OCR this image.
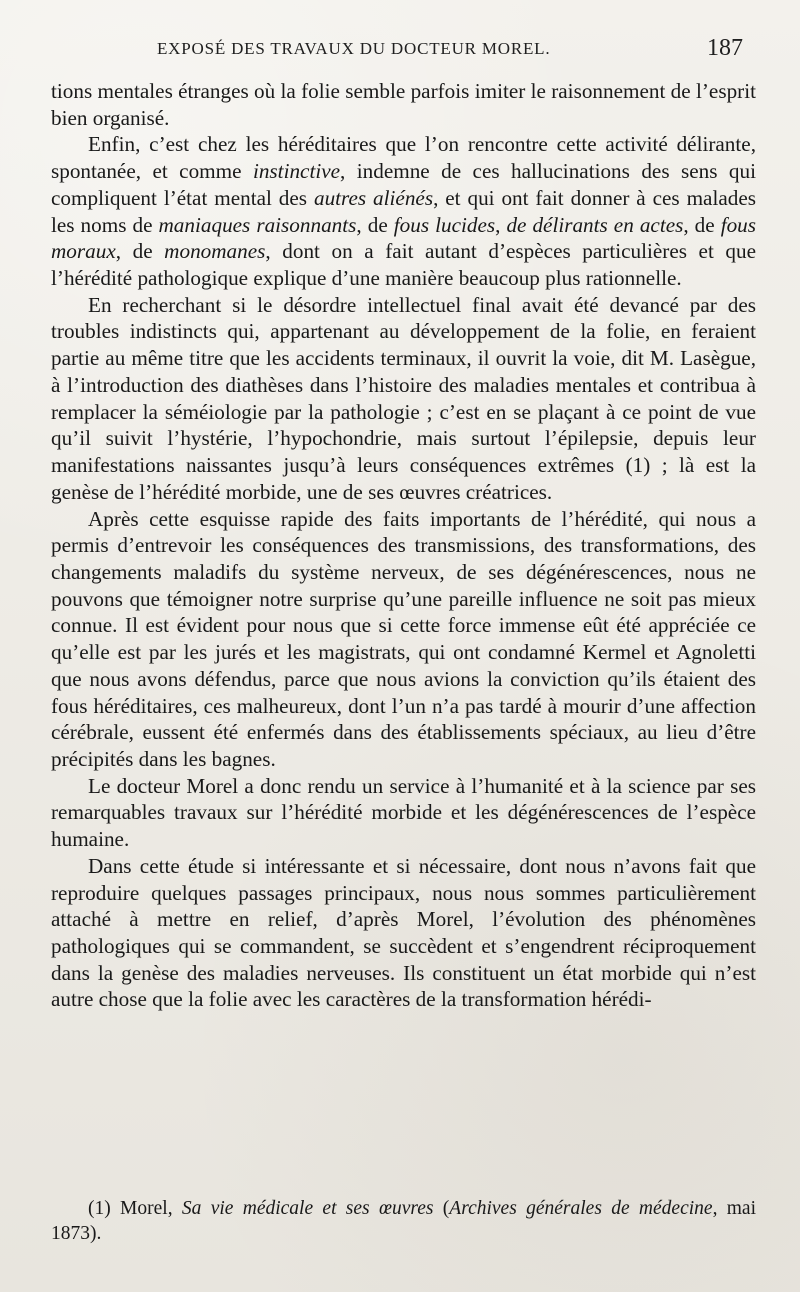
EXPOSÉ DES TRAVAUX DU DOCTEUR MOREL.	187

tions mentales étranges où la folie semble parfois imiter le raisonnement de l’esprit bien organisé.

Enfin, c’est chez les héréditaires que l’on rencontre cette activité délirante, spontanée, et comme instinctive, indemne de ces hallucinations des sens qui compliquent l’état mental des autres aliénés, et qui ont fait donner à ces malades les noms de maniaques raisonnants, de fous lucides, de délirants en actes, de fous moraux, de monomanes, dont on a fait autant d’espèces particulières et que l’hérédité pathologique explique d’une manière beaucoup plus rationnelle.

En recherchant si le désordre intellectuel final avait été devancé par des troubles indistincts qui, appartenant au développement de la folie, en feraient partie au même titre que les accidents terminaux, il ouvrit la voie, dit M. Lasègue, à l’introduction des diathèses dans l’histoire des maladies mentales et contribua à remplacer la séméiologie par la pathologie ; c’est en se plaçant à ce point de vue qu’il suivit l’hystérie, l’hypochondrie, mais surtout l’épilepsie, depuis leur manifestations naissantes jusqu’à leurs conséquences extrêmes (1) ; là est la genèse de l’hérédité morbide, une de ses œuvres créatrices.

Après cette esquisse rapide des faits importants de l’hérédité, qui nous a permis d’entrevoir les conséquences des transmissions, des transformations, des changements maladifs du système nerveux, de ses dégénérescences, nous ne pouvons que témoigner notre surprise qu’une pareille influence ne soit pas mieux connue. Il est évident pour nous que si cette force immense eût été appréciée ce qu’elle est par les jurés et les magistrats, qui ont condamné Kermel et Agnoletti que nous avons défendus, parce que nous avions la conviction qu’ils étaient des fous héréditaires, ces malheureux, dont l’un n’a pas tardé à mourir d’une affection cérébrale, eussent été enfermés dans des établissements spéciaux, au lieu d’être précipités dans les bagnes.

Le docteur Morel a donc rendu un service à l’humanité et à la science par ses remarquables travaux sur l’hérédité morbide et les dégénérescences de l’espèce humaine.

Dans cette étude si intéressante et si nécessaire, dont nous n’avons fait que reproduire quelques passages principaux, nous nous sommes particulièrement attaché à mettre en relief, d’après Morel, l’évolution des phénomènes pathologiques qui se commandent, se succèdent et s’engendrent réciproquement dans la genèse des maladies nerveuses. Ils constituent un état morbide qui n’est autre chose que la folie avec les caractères de la transformation hérédi-

(1) Morel, Sa vie médicale et ses œuvres (Archives générales de médecine, mai 1873).
